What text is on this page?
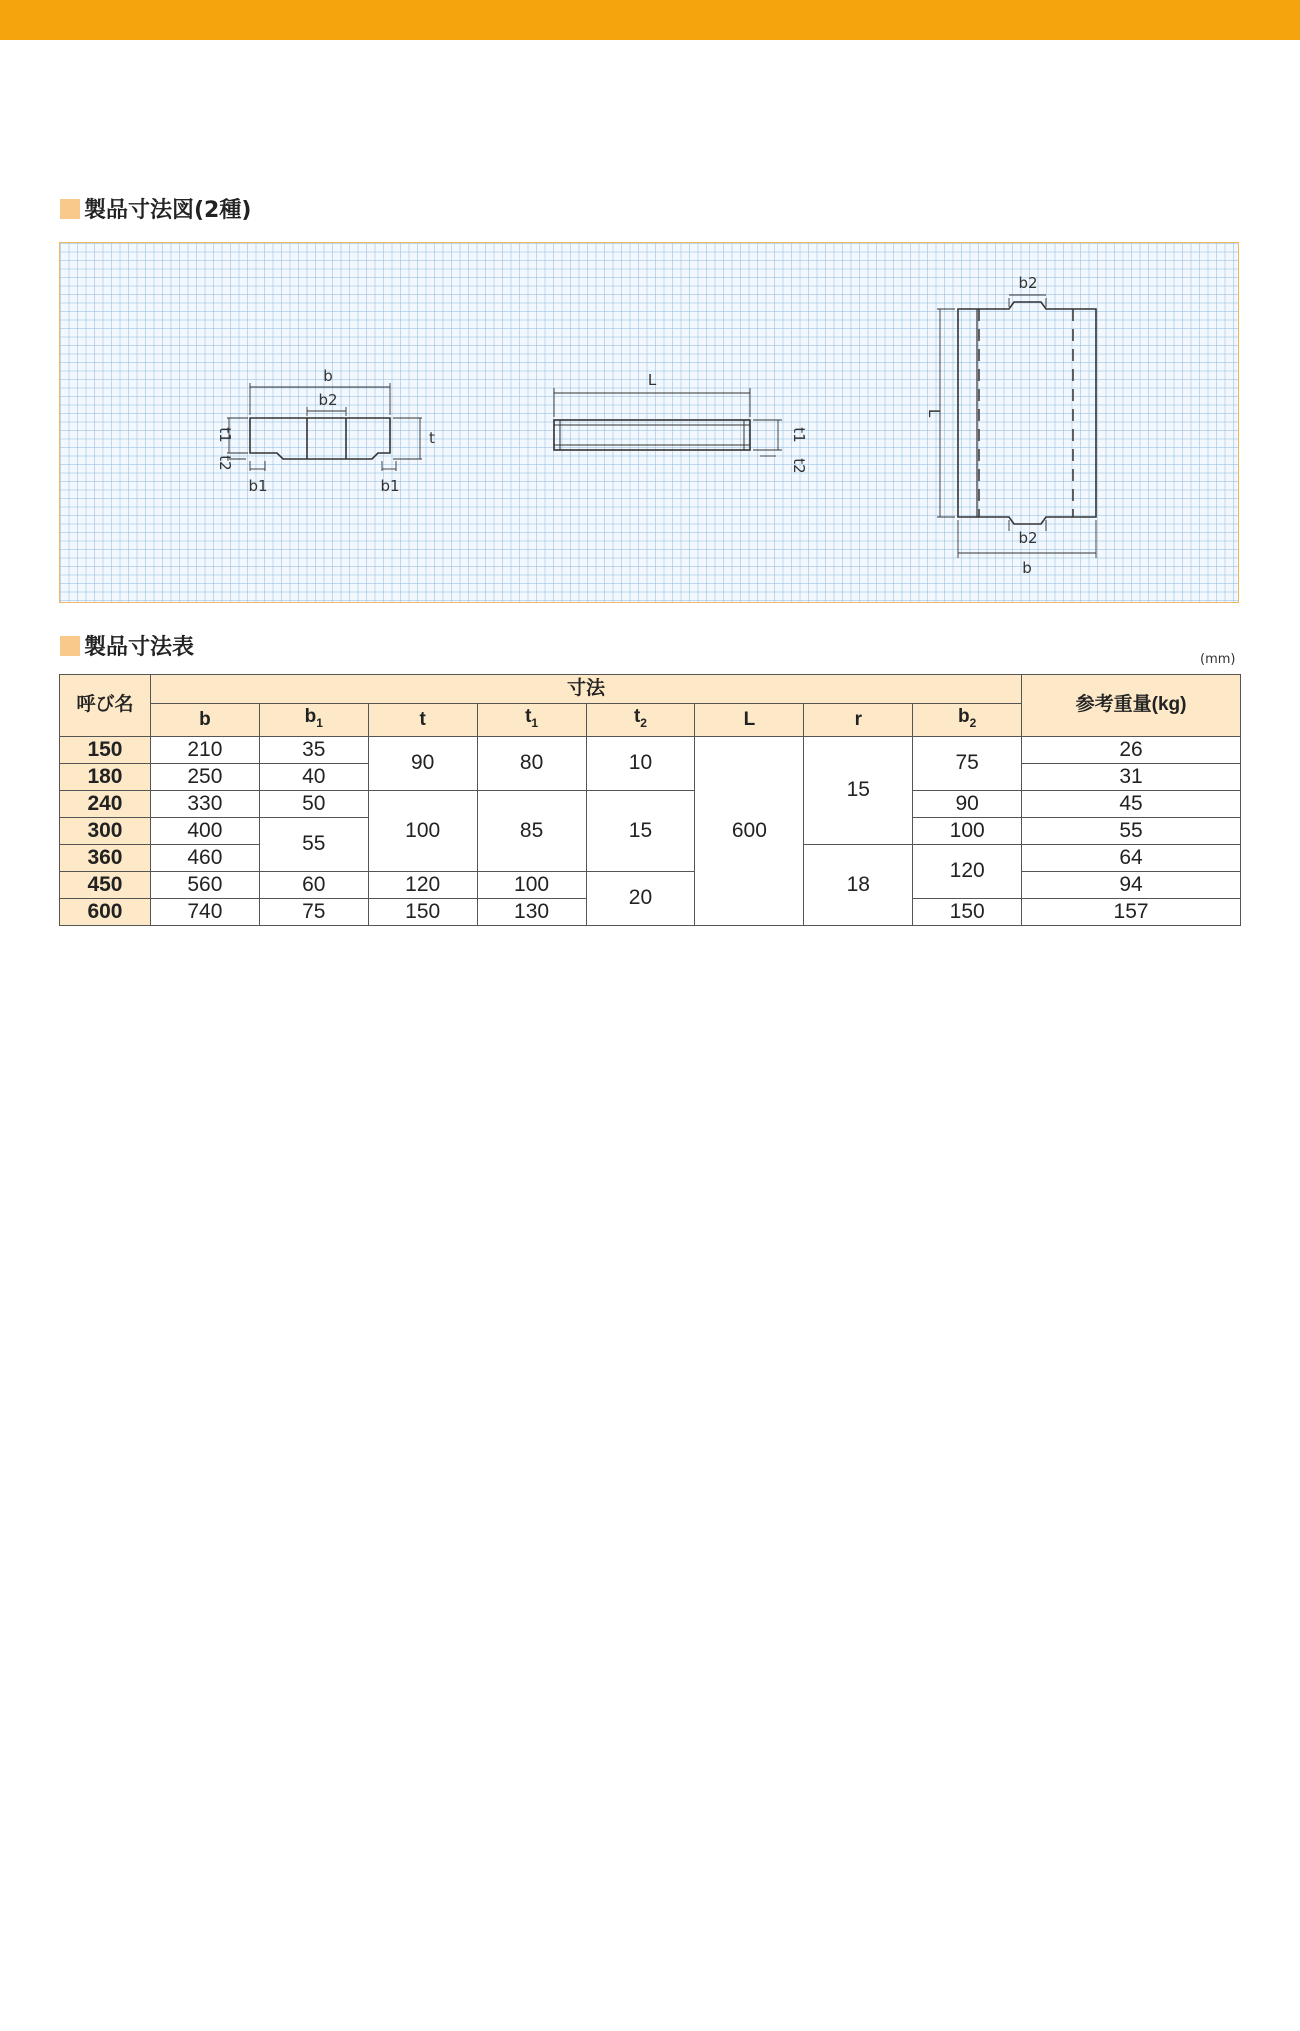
製品寸法図(2種)
b
b2
t1
t2
t
b1	b1
L
t1
t2
b2
b2
L
b
製品寸法表	(mm)
呼び名	寸法								参考重量(kg)
	b	$b_1$	t	$t_1$	$t_2$	L	r	$b_2$
150	210	35	90	80	10	600	15	75	26
180	250	40							31
240	330	50	100	85	15			90	45
300	400	55						100	55
360	460						18	120	64
450	560	60	120	100	20				94
600	740	75	150	130				150	157
